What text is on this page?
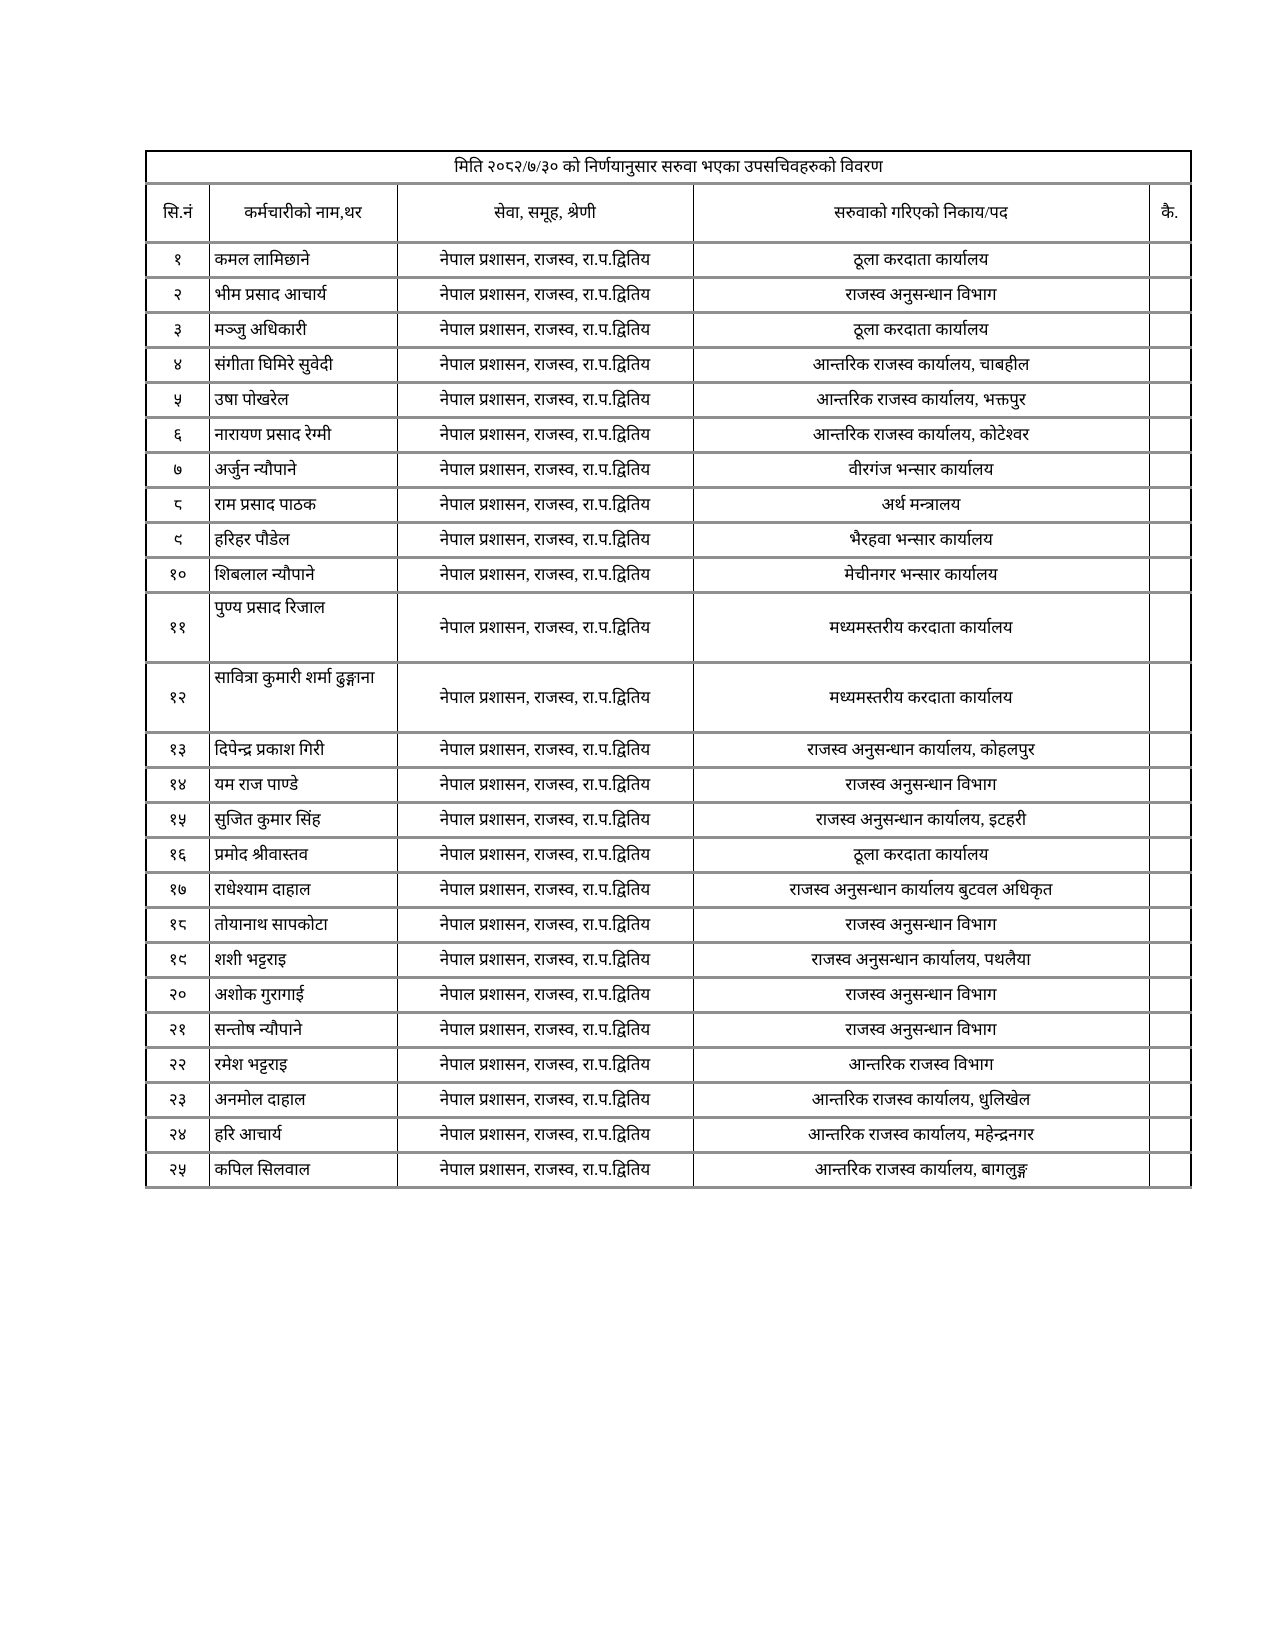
मिति २०८२/७/३० को निर्णयानुसार सरुवा भएका उपसचिवहरुको विवरण				
सि.नं	कर्मचारीको नाम,थर	सेवा, समूह, श्रेणी	सरुवाको गरिएको निकाय/पद	कै.
१	कमल लामिछाने	नेपाल प्रशासन, राजस्व, रा.प.द्वितिय	ठूला करदाता कार्यालय	
२	भीम प्रसाद आचार्य	नेपाल प्रशासन, राजस्व, रा.प.द्वितिय	राजस्व अनुसन्धान विभाग	
३	मञ्जु अधिकारी	नेपाल प्रशासन, राजस्व, रा.प.द्वितिय	ठूला करदाता कार्यालय	
४	संगीता घिमिरे सुवेदी	नेपाल प्रशासन, राजस्व, रा.प.द्वितिय	आन्तरिक राजस्व कार्यालय, चाबहील	
५	उषा पोखरेल	नेपाल प्रशासन, राजस्व, रा.प.द्वितिय	आन्तरिक राजस्व कार्यालय, भक्तपुर	
६	नारायण प्रसाद रेग्मी	नेपाल प्रशासन, राजस्व, रा.प.द्वितिय	आन्तरिक राजस्व कार्यालय, कोटेश्वर	
७	अर्जुन न्यौपाने	नेपाल प्रशासन, राजस्व, रा.प.द्वितिय	वीरगंज भन्सार कार्यालय	
८	राम प्रसाद पाठक	नेपाल प्रशासन, राजस्व, रा.प.द्वितिय	अर्थ मन्त्रालय	
९	हरिहर पौडेल	नेपाल प्रशासन, राजस्व, रा.प.द्वितिय	भैरहवा भन्सार कार्यालय	
१०	शिबलाल न्यौपाने	नेपाल प्रशासन, राजस्व, रा.प.द्वितिय	मेचीनगर भन्सार कार्यालय	
११	पुण्य प्रसाद रिजाल	नेपाल प्रशासन, राजस्व, रा.प.द्वितिय	मध्यमस्तरीय करदाता कार्यालय	
१२	सावित्रा कुमारी शर्मा ढुङ्गाना	नेपाल प्रशासन, राजस्व, रा.प.द्वितिय	मध्यमस्तरीय करदाता कार्यालय	
१३	दिपेन्द्र प्रकाश गिरी	नेपाल प्रशासन, राजस्व, रा.प.द्वितिय	राजस्व अनुसन्धान कार्यालय, कोहलपुर	
१४	यम राज पाण्डे	नेपाल प्रशासन, राजस्व, रा.प.द्वितिय	राजस्व अनुसन्धान विभाग	
१५	सुजित कुमार सिंह	नेपाल प्रशासन, राजस्व, रा.प.द्वितिय	राजस्व अनुसन्धान कार्यालय, इटहरी	
१६	प्रमोद श्रीवास्तव	नेपाल प्रशासन, राजस्व, रा.प.द्वितिय	ठूला करदाता कार्यालय	
१७	राधेश्याम दाहाल	नेपाल प्रशासन, राजस्व, रा.प.द्वितिय	राजस्व अनुसन्धान कार्यालय बुटवल अधिकृत	
१८	तोयानाथ सापकोटा	नेपाल प्रशासन, राजस्व, रा.प.द्वितिय	राजस्व अनुसन्धान विभाग	
१९	शशी भट्टराइ	नेपाल प्रशासन, राजस्व, रा.प.द्वितिय	राजस्व अनुसन्धान कार्यालय, पथलैया	
२०	अशोक गुरागाई	नेपाल प्रशासन, राजस्व, रा.प.द्वितिय	राजस्व अनुसन्धान विभाग	
२१	सन्तोष न्यौपाने	नेपाल प्रशासन, राजस्व, रा.प.द्वितिय	राजस्व अनुसन्धान विभाग	
२२	रमेश भट्टराइ	नेपाल प्रशासन, राजस्व, रा.प.द्वितिय	आन्तरिक राजस्व विभाग	
२३	अनमोल दाहाल	नेपाल प्रशासन, राजस्व, रा.प.द्वितिय	आन्तरिक राजस्व कार्यालय, धुलिखेल	
२४	हरि आचार्य	नेपाल प्रशासन, राजस्व, रा.प.द्वितिय	आन्तरिक राजस्व कार्यालय, महेन्द्रनगर	
२५	कपिल सिलवाल	नेपाल प्रशासन, राजस्व, रा.प.द्वितिय	आन्तरिक राजस्व कार्यालय, बागलुङ्ग	
